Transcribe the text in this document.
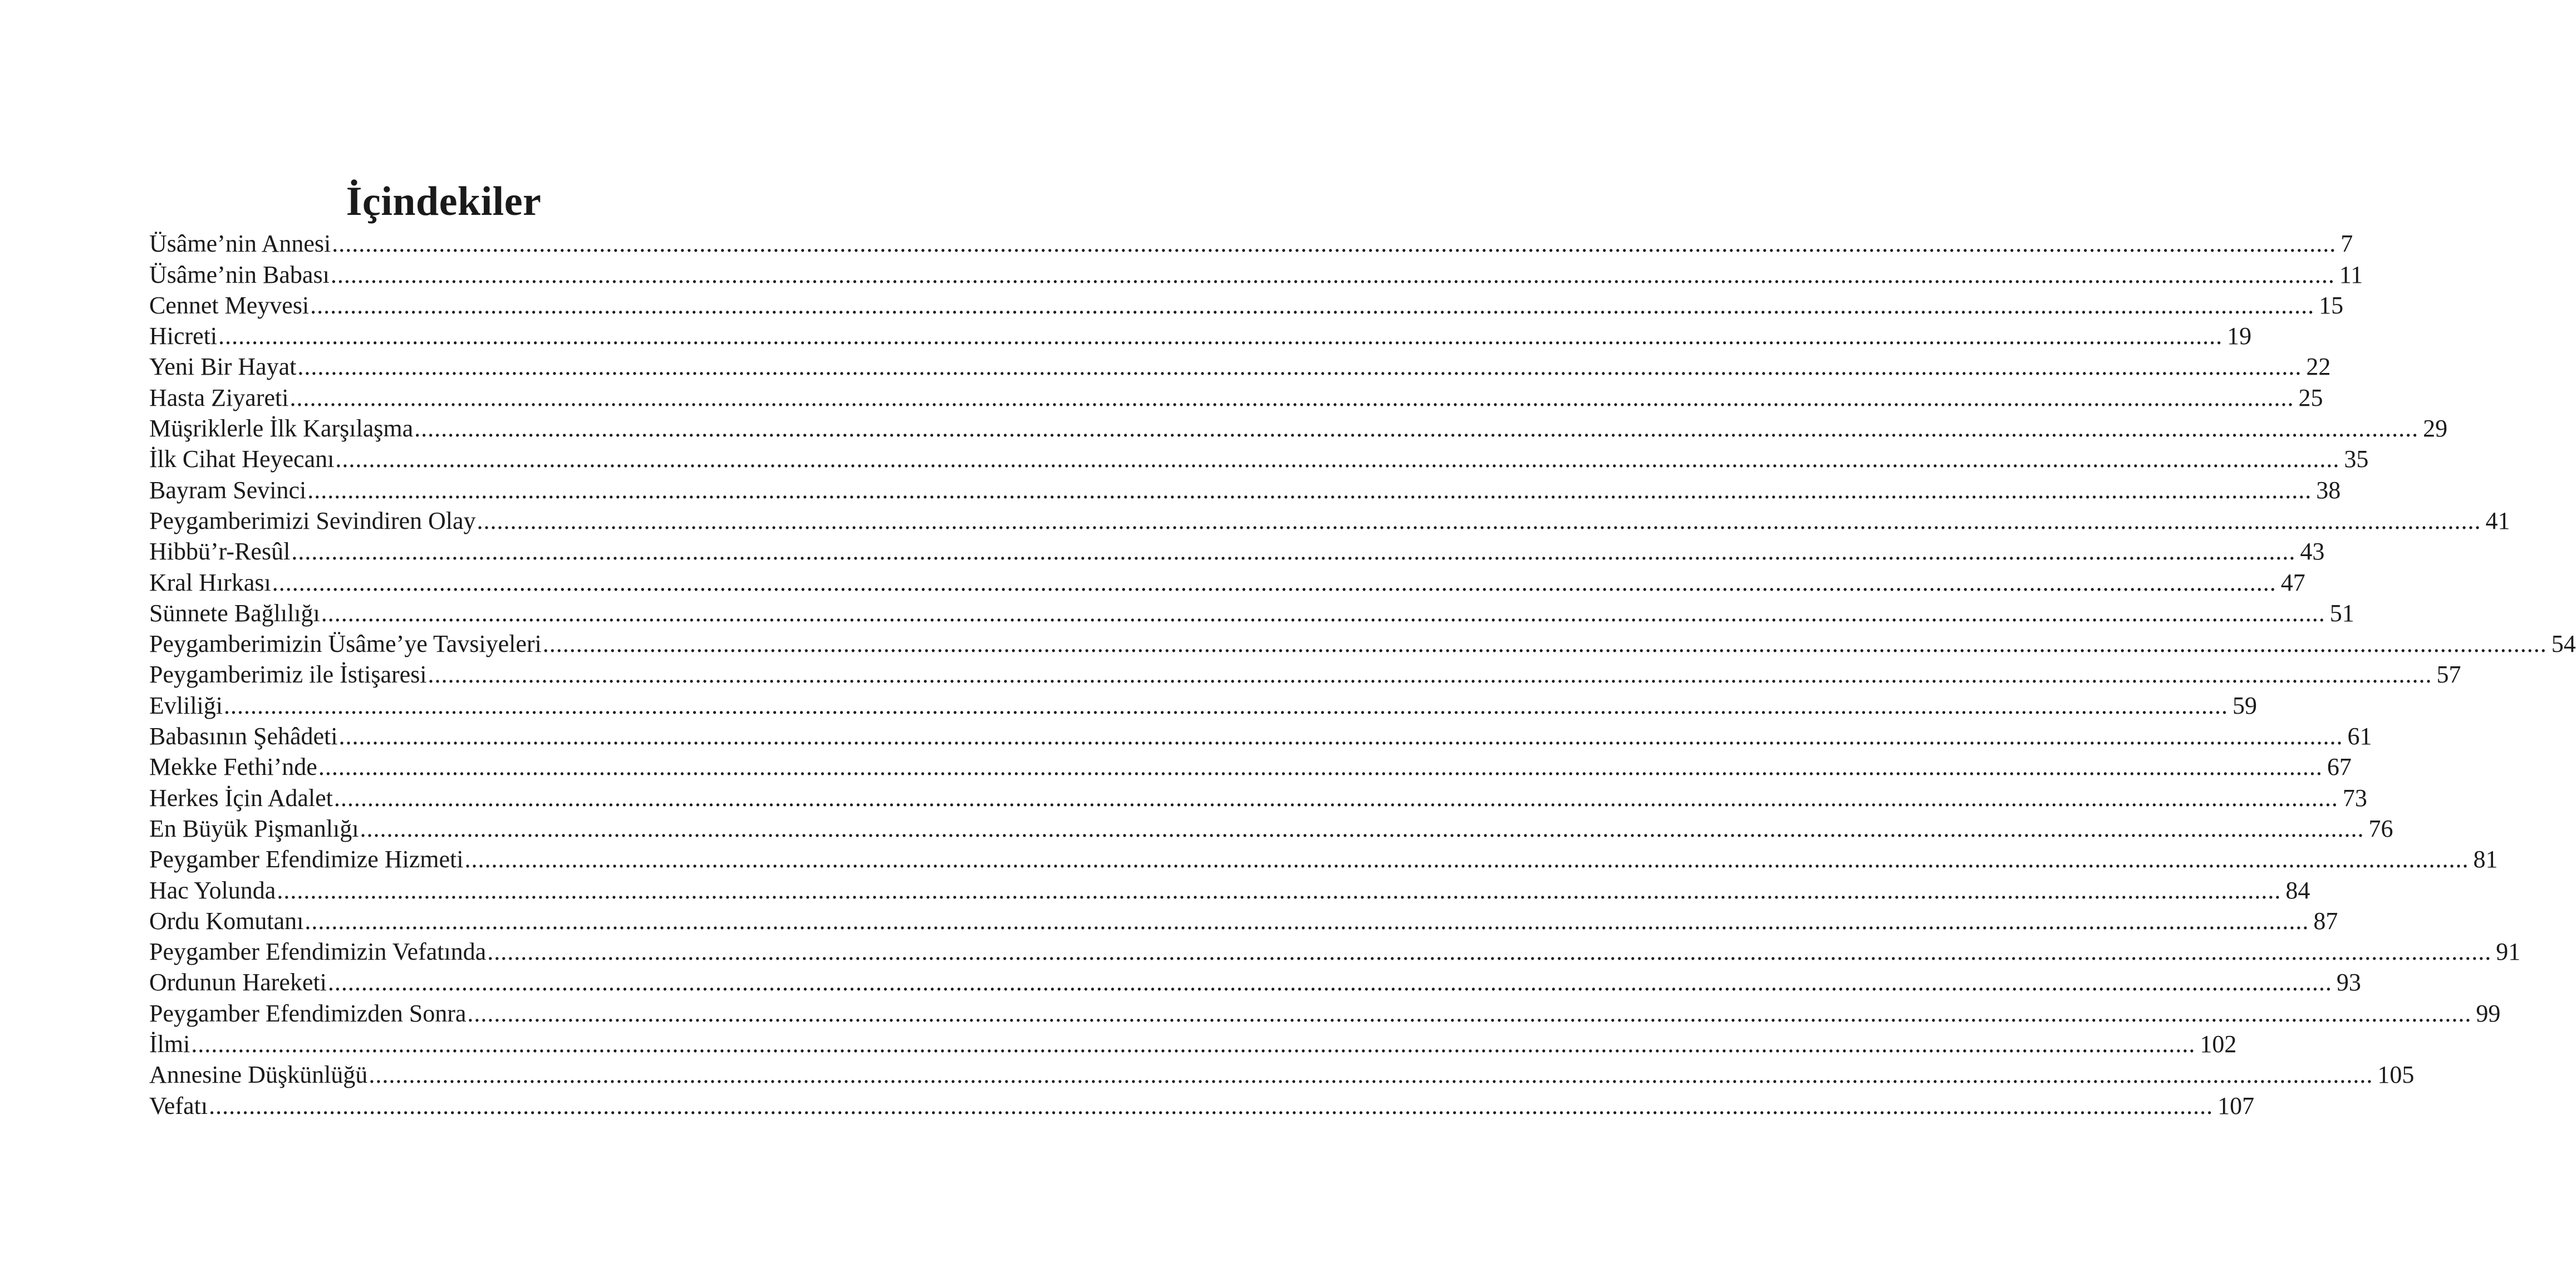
İçindekiler
Üsâme’nin Annesi ............................................................................................................................................................................................................................................................................................................ 7
Üsâme’nin Babası ............................................................................................................................................................................................................................................................................................................ 11
Cennet Meyvesi ............................................................................................................................................................................................................................................................................................................ 15
Hicreti ............................................................................................................................................................................................................................................................................................................ 19
Yeni Bir Hayat ............................................................................................................................................................................................................................................................................................................ 22
Hasta Ziyareti ............................................................................................................................................................................................................................................................................................................ 25
Müşriklerle İlk Karşılaşma ............................................................................................................................................................................................................................................................................................................ 29
İlk Cihat Heyecanı ............................................................................................................................................................................................................................................................................................................ 35
Bayram Sevinci ............................................................................................................................................................................................................................................................................................................ 38
Peygamberimizi Sevindiren Olay ............................................................................................................................................................................................................................................................................................................ 41
Hibbü’r-Resûl ............................................................................................................................................................................................................................................................................................................ 43
Kral Hırkası ............................................................................................................................................................................................................................................................................................................ 47
Sünnete Bağlılığı ............................................................................................................................................................................................................................................................................................................ 51
Peygamberimizin Üsâme’ye Tavsiyeleri ............................................................................................................................................................................................................................................................................................................ 54
Peygamberimiz ile İstişaresi ............................................................................................................................................................................................................................................................................................................ 57
Evliliği ............................................................................................................................................................................................................................................................................................................ 59
Babasının Şehâdeti ............................................................................................................................................................................................................................................................................................................ 61
Mekke Fethi’nde ............................................................................................................................................................................................................................................................................................................ 67
Herkes İçin Adalet ............................................................................................................................................................................................................................................................................................................ 73
En Büyük Pişmanlığı ............................................................................................................................................................................................................................................................................................................ 76
Peygamber Efendimize Hizmeti ............................................................................................................................................................................................................................................................................................................ 81
Hac Yolunda ............................................................................................................................................................................................................................................................................................................ 84
Ordu Komutanı ............................................................................................................................................................................................................................................................................................................ 87
Peygamber Efendimizin Vefatında ............................................................................................................................................................................................................................................................................................................ 91
Ordunun Hareketi ............................................................................................................................................................................................................................................................................................................ 93
Peygamber Efendimizden Sonra ............................................................................................................................................................................................................................................................................................................ 99
İlmi ............................................................................................................................................................................................................................................................................................................ 102
Annesine Düşkünlüğü ............................................................................................................................................................................................................................................................................................................ 105
Vefatı ............................................................................................................................................................................................................................................................................................................ 107
